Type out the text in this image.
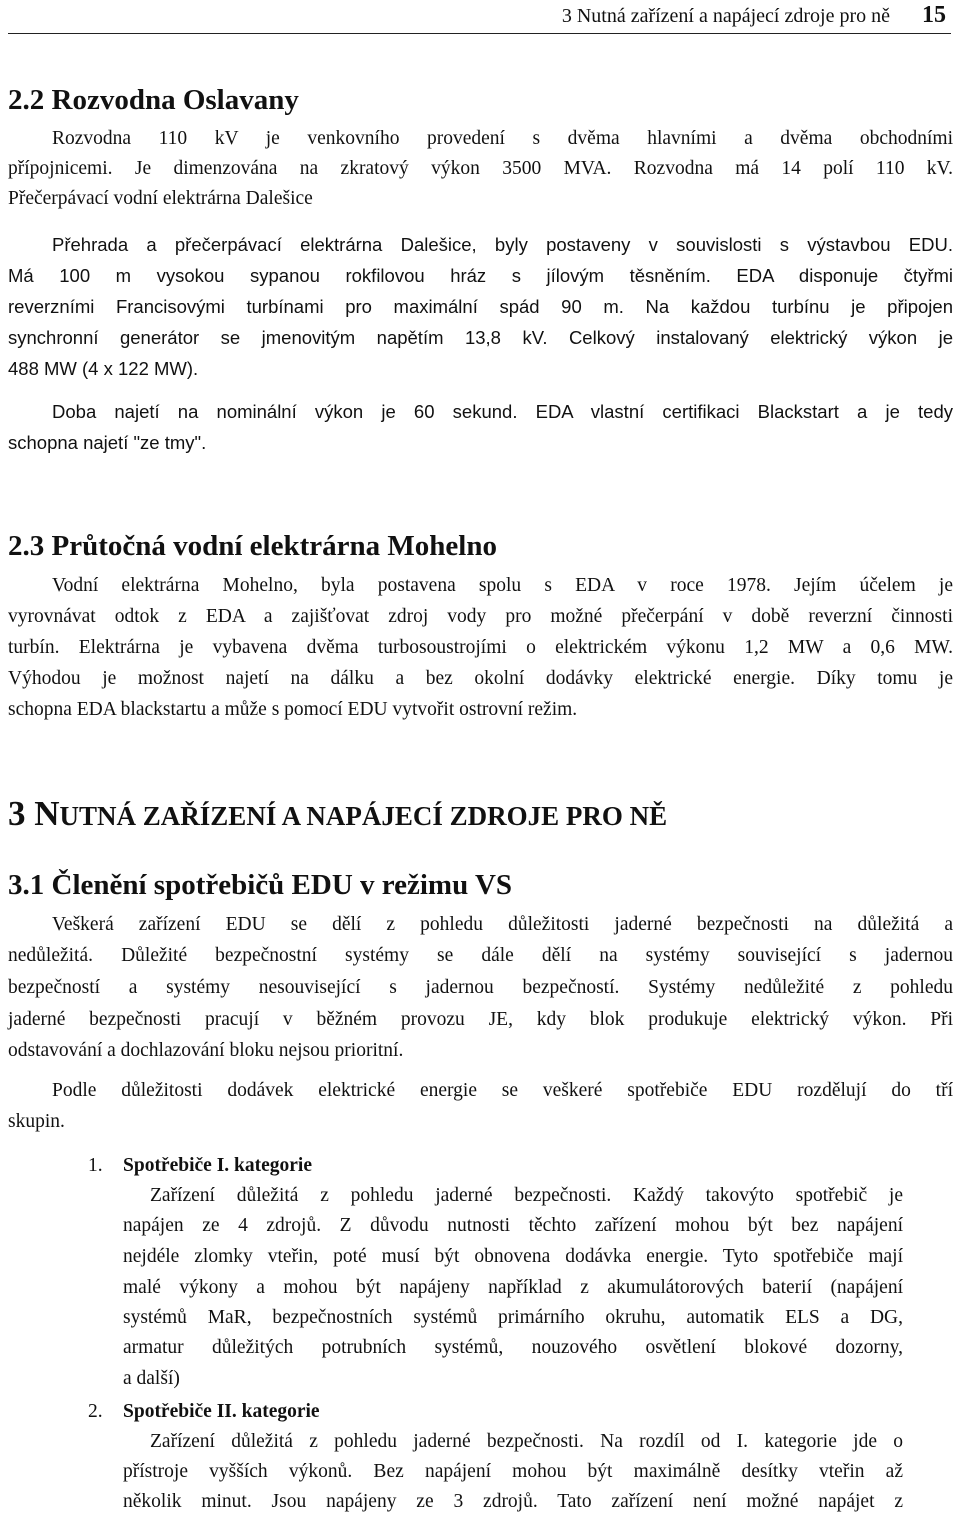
3 Nutná zařízení a napájecí zdroje pro ně 15
2.2 Rozvodna Oslavany
Rozvodna 110 kV je venkovního provedení s dvěma hlavními a dvěma obchodními
přípojnicemi. Je dimenzována na zkratový výkon 3500 MVA. Rozvodna má 14 polí 110 kV.
Přečerpávací vodní elektrárna Dalešice
Přehrada a přečerpávací elektrárna Dalešice, byly postaveny v souvislosti s výstavbou EDU.
Má 100 m vysokou sypanou rokfilovou hráz s jílovým těsněním. EDA disponuje čtyřmi
reverzními Francisovými turbínami pro maximální spád 90 m. Na každou turbínu je připojen
synchronní generátor se jmenovitým napětím 13,8 kV. Celkový instalovaný elektrický výkon je
488 MW (4 x 122 MW).
Doba najetí na nominální výkon je 60 sekund. EDA vlastní certifikaci Blackstart a je tedy
schopna najetí "ze tmy".
2.3 Průtočná vodní elektrárna Mohelno
Vodní elektrárna Mohelno, byla postavena spolu s EDA v roce 1978. Jejím účelem je
vyrovnávat odtok z EDA a zajišťovat zdroj vody pro možné přečerpání v době reverzní činnosti
turbín. Elektrárna je vybavena dvěma turbosoustrojími o elektrickém výkonu 1,2 MW a 0,6 MW.
Výhodou je možnost najetí na dálku a bez okolní dodávky elektrické energie. Díky tomu je
schopna EDA blackstartu a může s pomocí EDU vytvořit ostrovní režim.
3 NUTNÁ ZAŘÍZENÍ A NAPÁJECÍ ZDROJE PRO NĚ
3.1 Členění spotřebičů EDU v režimu VS
Veškerá zařízení EDU se dělí z pohledu důležitosti jaderné bezpečnosti na důležitá a
nedůležitá. Důležité bezpečnostní systémy se dále dělí na systémy související s jadernou
bezpečností a systémy nesouvisející s jadernou bezpečností. Systémy nedůležité z pohledu
jaderné bezpečnosti pracují v běžném provozu JE, kdy blok produkuje elektrický výkon. Při
odstavování a dochlazování bloku nejsou prioritní.
Podle důležitosti dodávek elektrické energie se veškeré spotřebiče EDU rozdělují do tří
skupin.
1. Spotřebiče I. kategorie
Zařízení důležitá z pohledu jaderné bezpečnosti. Každý takovýto spotřebič je
napájen ze 4 zdrojů. Z důvodu nutnosti těchto zařízení mohou být bez napájení
nejdéle zlomky vteřin, poté musí být obnovena dodávka energie. Tyto spotřebiče mají
malé výkony a mohou být napájeny například z akumulátorových baterií (napájení
systémů MaR, bezpečnostních systémů primárního okruhu, automatik ELS a DG,
armatur důležitých potrubních systémů, nouzového osvětlení blokové dozorny,
a další)
2. Spotřebiče II. kategorie
Zařízení důležitá z pohledu jaderné bezpečnosti. Na rozdíl od I. kategorie jde o
přístroje vyšších výkonů. Bez napájení mohou být maximálně desítky vteřin až
několik minut. Jsou napájeny ze 3 zdrojů. Tato zařízení není možné napájet z
